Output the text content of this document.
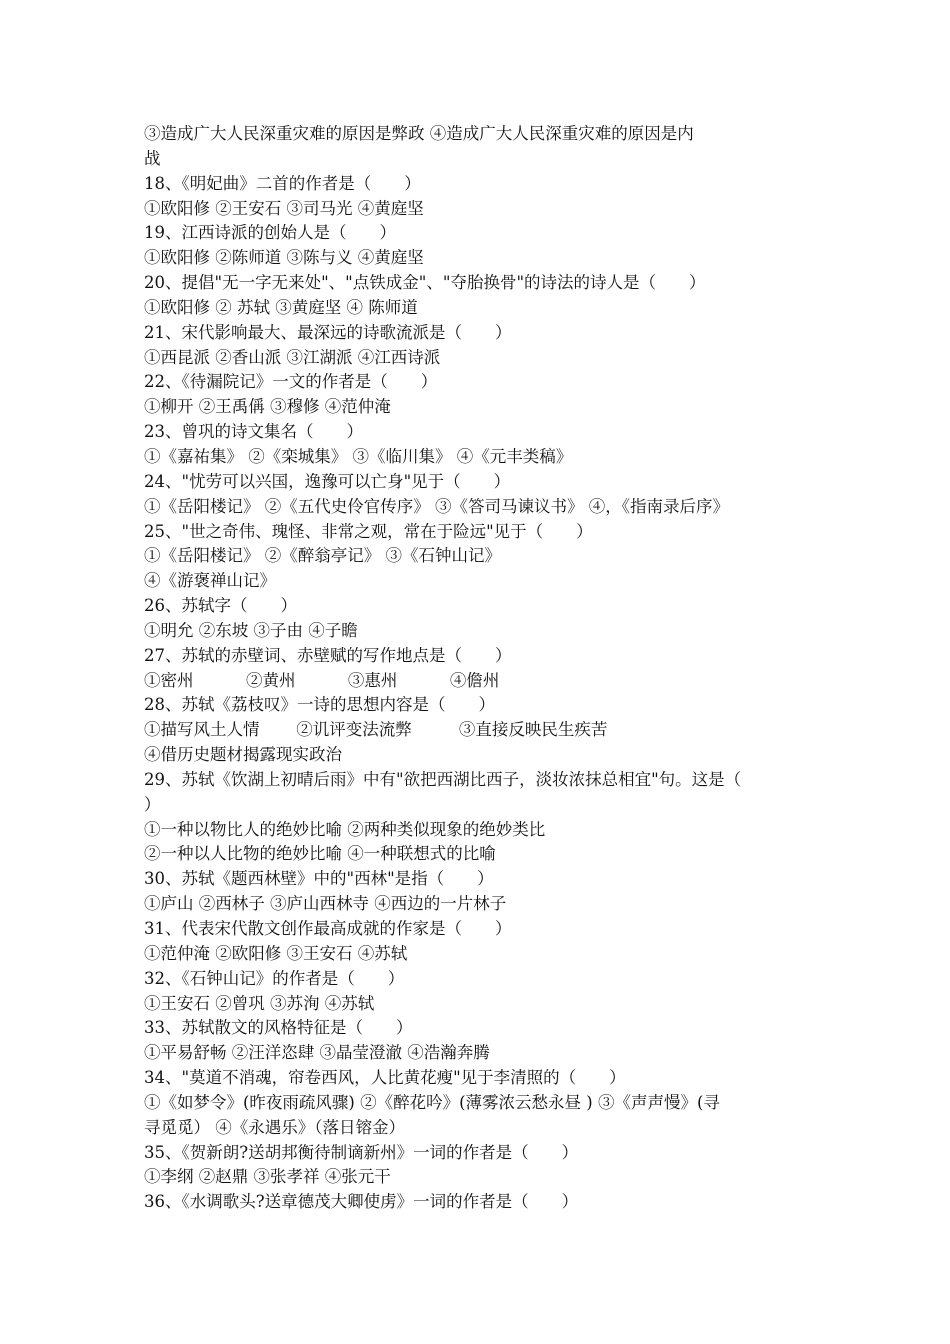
③造成广大人民深重灾难的原因是弊政 ④造成广大人民深重灾难的原因是内
战
18、《明妃曲》二首的作者是（　　）
①欧阳修 ②王安石 ③司马光 ④黄庭坚
19、江西诗派的创始人是（　　）
①欧阳修 ②陈师道 ③陈与义 ④黄庭坚
20、提倡"无一字无来处"、"点铁成金"、"夺胎换骨"的诗法的诗人是（　　）
①欧阳修 ② 苏轼 ③黄庭坚 ④ 陈师道
21、宋代影响最大、最深远的诗歌流派是（　　）
①西昆派 ②香山派 ③江湖派 ④江西诗派
22、《待漏院记》一文的作者是（　　）
①柳开 ②王禹偁 ③穆修 ④范仲淹
23、曾巩的诗文集名（　　）
①《嘉祐集》 ②《栾城集》 ③《临川集》 ④《元丰类稿》
24、"忧劳可以兴国，逸豫可以亡身"见于（　　）
①《岳阳楼记》 ②《五代史伶官传序》 ③《答司马谏议书》 ④，《指南录后序》
25、"世之奇伟、瑰怪、非常之观，常在于险远"见于（　　）
①《岳阳楼记》 ②《醉翁亭记》 ③《石钟山记》
④《游褒禅山记》
26、苏轼字（　　）
①明允 ②东坡 ③子由 ④子瞻
27、苏轼的赤壁词、赤壁赋的写作地点是（　　）
①密州          ②黄州          ③惠州          ④儋州
28、苏轼《荔枝叹》一诗的思想内容是（　　）
①描写风土人情       ②讥评变法流弊         ③直接反映民生疾苦
④借历史题材揭露现实政治
29、苏轼《饮湖上初晴后雨》中有"欲把西湖比西子，淡妆浓抹总相宜"句。这是（
）
①一种以物比人的绝妙比喻 ②两种类似现象的绝妙类比
②一种以人比物的绝妙比喻 ④一种联想式的比喻
30、苏轼《题西林壁》中的"西林"是指（　　）
①庐山 ②西林子 ③庐山西林寺 ④西边的一片林子
31、代表宋代散文创作最高成就的作家是（　　）
①范仲淹 ②欧阳修 ③王安石 ④苏轼
32、《石钟山记》的作者是（　　）
①王安石 ②曾巩 ③苏洵 ④苏轼
33、苏轼散文的风格特征是（　　）
①平易舒畅 ②汪洋恣肆 ③晶莹澄澈 ④浩瀚奔腾
34、"莫道不消魂，帘卷西风，人比黄花瘦"见于李清照的（　　）
①《如梦令》(昨夜雨疏风骤) ②《醉花吟》(薄雾浓云愁永昼 ) ③《声声慢》(寻
寻觅觅） ④《永遇乐》（落日镕金）
35、《贺新朗?送胡邦衡待制谪新州》一词的作者是（　　）
①李纲 ②赵鼎 ③张孝祥 ④张元干
36、《水调歌头?送章德茂大卿使虏》一词的作者是（　　）
